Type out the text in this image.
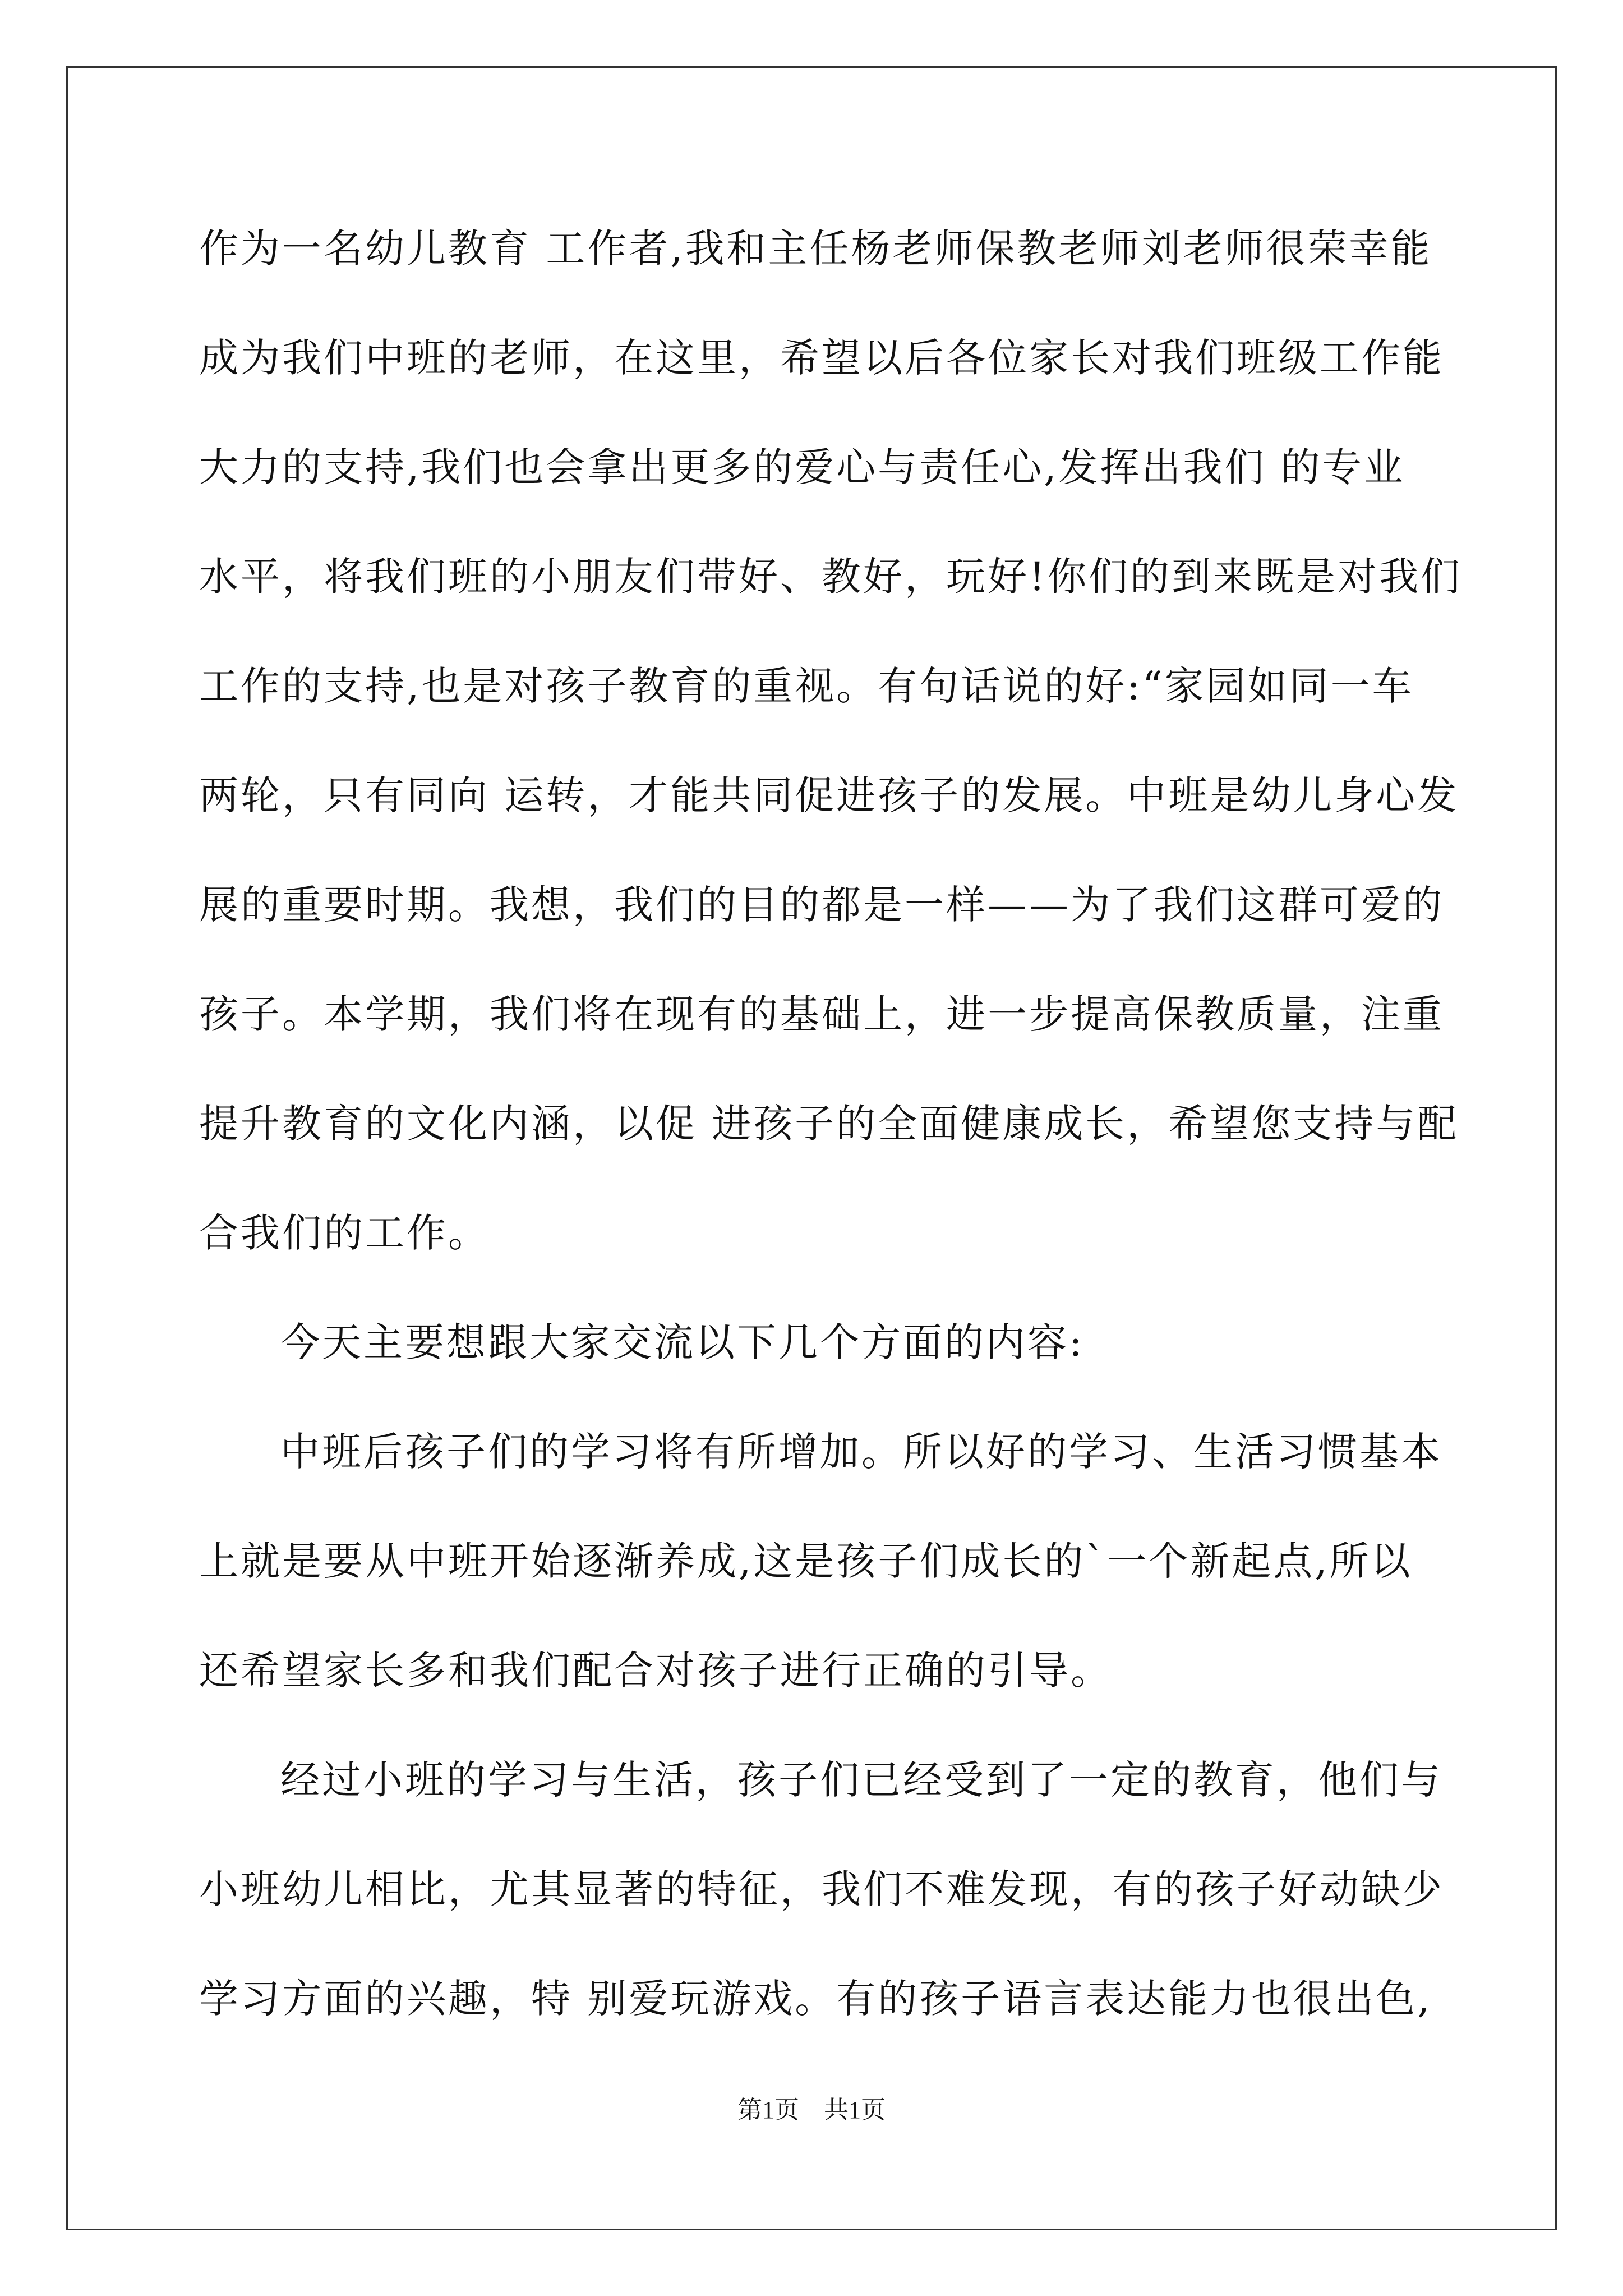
作为一名幼儿教育 工作者,我和主任杨老师保教老师刘老师很荣幸能
成为我们中班的老师，在这里，希望以后各位家长对我们班级工作能
大力的支持,我们也会拿出更多的爱心与责任心,发挥出我们 的专业
水平，将我们班的小朋友们带好、教好，玩好!你们的到来既是对我们
工作的支持,也是对孩子教育的重视。有句话说的好:“家园如同一车
两轮，只有同向 运转，才能共同促进孩子的发展。中班是幼儿身心发
展的重要时期。我想，我们的目的都是一样——为了我们这群可爱的
孩子。本学期，我们将在现有的基础上，进一步提高保教质量，注重
提升教育的文化内涵，以促 进孩子的全面健康成长，希望您支持与配
合我们的工作。
今天主要想跟大家交流以下几个方面的内容:
中班后孩子们的学习将有所增加。所以好的学习、生活习惯基本
上就是要从中班开始逐渐养成,这是孩子们成长的`一个新起点,所以
还希望家长多和我们配合对孩子进行正确的引导。
经过小班的学习与生活，孩子们已经受到了一定的教育，他们与
小班幼儿相比，尤其显著的特征，我们不难发现，有的孩子好动缺少
学习方面的兴趣，特 别爱玩游戏。有的孩子语言表达能力也很出色,
第1页　共1页
